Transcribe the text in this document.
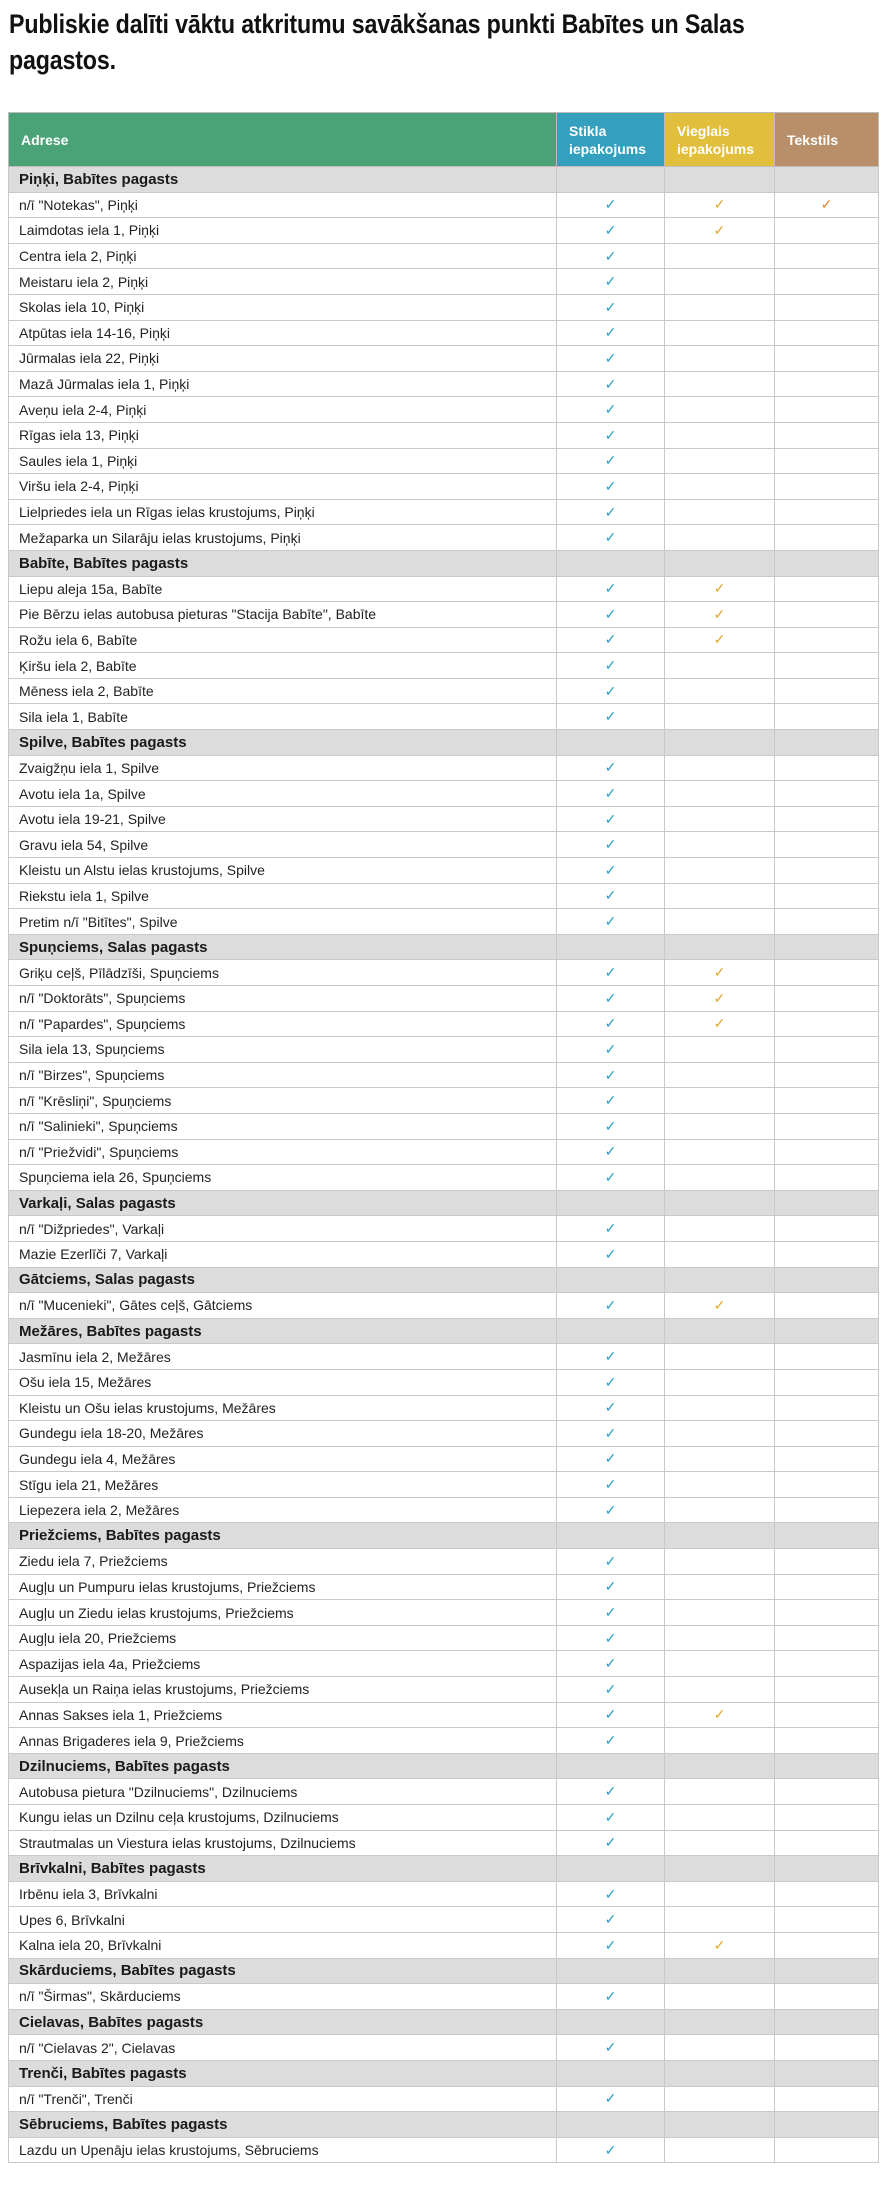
Publiskie dalīti vāktu atkritumu savākšanas punkti Babītes un Salas pagastos.
Adrese	Stikla iepakojums	Vieglais iepakojums	Tekstils
Piņķi, Babītes pagasts			
n/ī "Notekas", Piņķi	✓	✓	✓
Laimdotas iela 1, Piņķi	✓	✓	
Centra iela 2, Piņķi	✓		
Meistaru iela 2, Piņķi	✓		
Skolas iela 10, Piņķi	✓		
Atpūtas iela 14-16, Piņķi	✓		
Jūrmalas iela 22, Piņķi	✓		
Mazā Jūrmalas iela 1, Piņķi	✓		
Aveņu iela 2-4, Piņķi	✓		
Rīgas iela 13, Piņķi	✓		
Saules iela 1, Piņķi	✓		
Viršu iela 2-4, Piņķi	✓		
Lielpriedes iela un Rīgas ielas krustojums, Piņķi	✓		
Mežaparka un Silarāju ielas krustojums, Piņķi	✓		
Babīte, Babītes pagasts			
Liepu aleja 15a, Babīte	✓	✓	
Pie Bērzu ielas autobusa pieturas "Stacija Babīte", Babīte	✓	✓	
Rožu iela 6, Babīte	✓	✓	
Ķiršu iela 2, Babīte	✓		
Mēness iela 2, Babīte	✓		
Sila iela 1, Babīte	✓		
Spilve, Babītes pagasts			
Zvaigžņu iela 1, Spilve	✓		
Avotu iela 1a, Spilve	✓		
Avotu iela 19-21, Spilve	✓		
Gravu iela 54, Spilve	✓		
Kleistu un Alstu ielas krustojums, Spilve	✓		
Riekstu iela 1, Spilve	✓		
Pretim n/ī "Bitītes", Spilve	✓		
Spuņciems, Salas pagasts			
Griķu ceļš, Pīlādzīši, Spuņciems	✓	✓	
n/ī "Doktorāts", Spuņciems	✓	✓	
n/ī "Papardes", Spuņciems	✓	✓	
Sila iela 13, Spuņciems	✓		
n/ī "Birzes", Spuņciems	✓		
n/ī "Krēsliņi", Spuņciems	✓		
n/ī "Salinieki", Spuņciems	✓		
n/ī "Priežvidi", Spuņciems	✓		
Spuņciema iela 26, Spuņciems	✓		
Varkaļi, Salas pagasts			
n/ī "Dižpriedes", Varkaļi	✓		
Mazie Ezerlīči 7, Varkaļi	✓		
Gātciems, Salas pagasts			
n/ī "Mucenieki", Gātes ceļš, Gātciems	✓	✓	
Mežāres, Babītes pagasts			
Jasmīnu iela 2, Mežāres	✓		
Ošu iela 15, Mežāres	✓		
Kleistu un Ošu ielas krustojums, Mežāres	✓		
Gundegu iela 18-20, Mežāres	✓		
Gundegu iela 4, Mežāres	✓		
Stīgu iela 21, Mežāres	✓		
Liepezera iela 2, Mežāres	✓		
Priežciems, Babītes pagasts			
Ziedu iela 7, Priežciems	✓		
Augļu un Pumpuru ielas krustojums, Priežciems	✓		
Augļu un Ziedu ielas krustojums, Priežciems	✓		
Augļu iela 20, Priežciems	✓		
Aspazijas iela 4a, Priežciems	✓		
Ausekļa un Raiņa ielas krustojums, Priežciems	✓		
Annas Sakses iela 1, Priežciems	✓	✓	
Annas Brigaderes iela 9, Priežciems	✓		
Dzilnuciems, Babītes pagasts			
Autobusa pietura "Dzilnuciems", Dzilnuciems	✓		
Kungu ielas un Dzilnu ceļa krustojums, Dzilnuciems	✓		
Strautmalas un Viestura ielas krustojums, Dzilnuciems	✓		
Brīvkalni, Babītes pagasts			
Irbēnu iela 3, Brīvkalni	✓		
Upes 6, Brīvkalni	✓		
Kalna iela 20, Brīvkalni	✓	✓	
Skārduciems, Babītes pagasts			
n/ī "Širmas", Skārduciems	✓		
Cielavas, Babītes pagasts			
n/ī "Cielavas 2", Cielavas	✓		
Trenči, Babītes pagasts			
n/ī "Trenči", Trenči	✓		
Sēbruciems, Babītes pagasts			
Lazdu un Upenāju ielas krustojums, Sēbruciems	✓		
